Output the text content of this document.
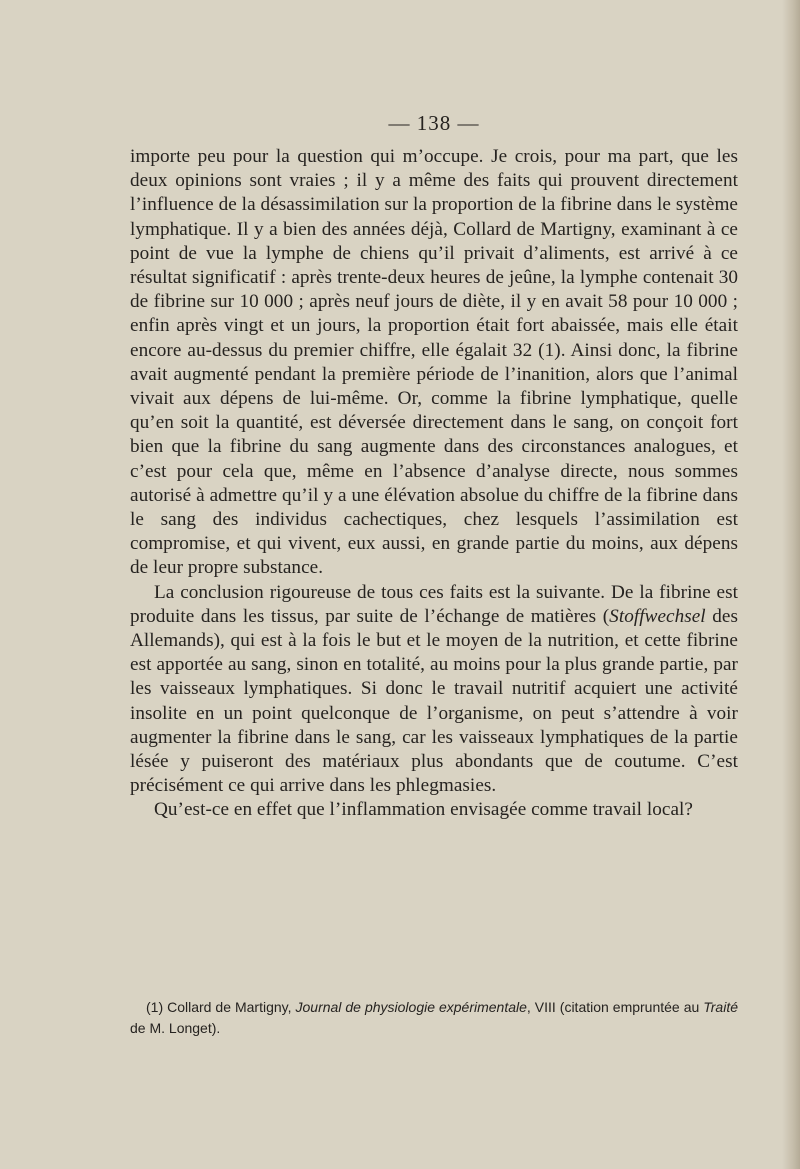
— 138 —

importe peu pour la question qui m’occupe. Je crois, pour ma part, que les deux opinions sont vraies ; il y a même des faits qui prouvent directement l’influence de la désassimilation sur la proportion de la fibrine dans le système lymphatique. Il y a bien des années déjà, Collard de Martigny, examinant à ce point de vue la lymphe de chiens qu’il privait d’aliments, est arrivé à ce résultat significatif : après trente-deux heures de jeûne, la lymphe contenait 30 de fibrine sur 10 000 ; après neuf jours de diète, il y en avait 58 pour 10 000 ; enfin après vingt et un jours, la proportion était fort abaissée, mais elle était encore au-dessus du premier chiffre, elle égalait 32 (1). Ainsi donc, la fibrine avait augmenté pendant la première période de l’inanition, alors que l’animal vivait aux dépens de lui-même. Or, comme la fibrine lymphatique, quelle qu’en soit la quantité, est déversée directement dans le sang, on conçoit fort bien que la fibrine du sang augmente dans des circonstances analogues, et c’est pour cela que, même en l’absence d’analyse directe, nous sommes autorisé à admettre qu’il y a une élévation absolue du chiffre de la fibrine dans le sang des individus cachectiques, chez lesquels l’assimilation est compromise, et qui vivent, eux aussi, en grande partie du moins, aux dépens de leur propre substance.

La conclusion rigoureuse de tous ces faits est la suivante. De la fibrine est produite dans les tissus, par suite de l’échange de matières (Stoffwechsel des Allemands), qui est à la fois le but et le moyen de la nutrition, et cette fibrine est apportée au sang, sinon en totalité, au moins pour la plus grande partie, par les vaisseaux lymphatiques. Si donc le travail nutritif acquiert une activité insolite en un point quelconque de l’organisme, on peut s’attendre à voir augmenter la fibrine dans le sang, car les vaisseaux lymphatiques de la partie lésée y puiseront des matériaux plus abondants que de coutume. C’est précisément ce qui arrive dans les phlegmasies.

Qu’est-ce en effet que l’inflammation envisagée comme travail local?

(1) Collard de Martigny, Journal de physiologie expérimentale, VIII (citation empruntée au Traité de M. Longet).
